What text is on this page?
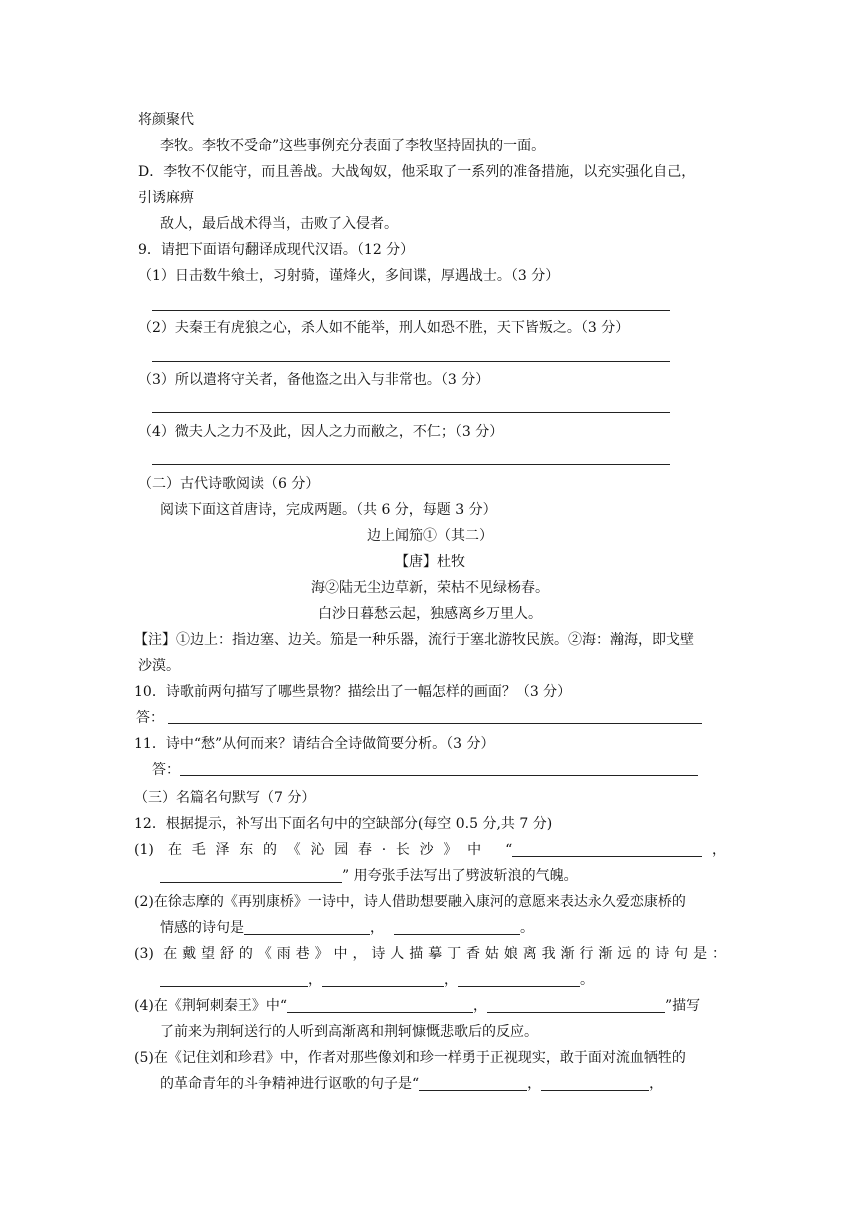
将颜聚代
李牧。李牧不受命”这些事例充分表面了李牧坚持固执的一面。
D．李牧不仅能守，而且善战。大战匈奴，他采取了一系列的准备措施，以充实强化自己，
引诱麻痹
敌人，最后战术得当，击败了入侵者。
9．请把下面语句翻译成现代汉语。（12 分）
（1）日击数牛飨士，习射骑，谨烽火，多间谍，厚遇战士。（3 分）
（2）夫秦王有虎狼之心，杀人如不能举，刑人如恐不胜，天下皆叛之。（3 分）
（3）所以遣将守关者，备他盗之出入与非常也。（3 分）
（4）微夫人之力不及此，因人之力而敝之，不仁；（3 分）
（二）古代诗歌阅读（6 分）
阅读下面这首唐诗，完成两题。（共 6 分，每题 3 分）
边上闻笳①（其二）
【唐】杜牧
海②陆无尘边草新，荣枯不见绿杨春。
白沙日暮愁云起，独感离乡万里人。
【注】①边上：指边塞、边关。笳是一种乐器，流行于塞北游牧民族。②海：瀚海，即戈壁
沙漠。
10．诗歌前两句描写了哪些景物？描绘出了一幅怎样的画面？（3 分）
答：
11．诗中“愁”从何而来？请结合全诗做简要分析。（3 分）
答：
（三）名篇名句默写（7 分）
12．根据提示，补写出下面名句中的空缺部分(每空 0.5 分,共 7 分)
(1) 在毛泽东的《沁园春·长沙》中 “	，
” 用夸张手法写出了劈波斩浪的气魄。
(2)在徐志摩的《再别康桥》一诗中，诗人借助想要融入康河的意愿来表达永久爱恋康桥的
情感的诗句是	，	。
(3) 在戴望舒的《雨巷》中，诗人描摹丁香姑娘离我渐行渐远的诗句是：
，	，	。
(4)在《荆轲刺秦王》中“	，	”描写
了前来为荆轲送行的人听到高渐离和荆轲慷慨悲歌后的反应。
(5)在《记住刘和珍君》中，作者对那些像刘和珍一样勇于正视现实，敢于面对流血牺牲的
的革命青年的斗争精神进行讴歌的句子是“	，	，
